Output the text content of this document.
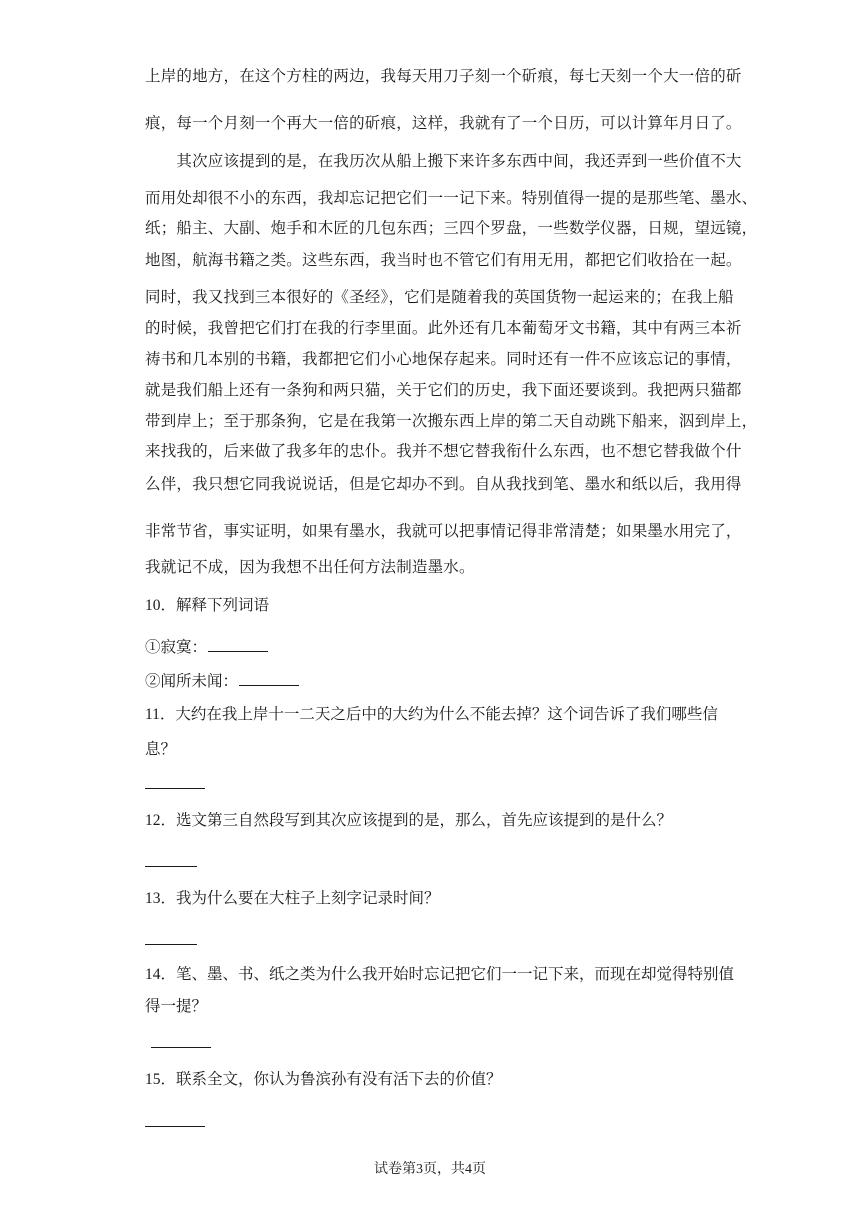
上岸的地方，在这个方柱的两边，我每天用刀子刻一个斫痕，每七天刻一个大一倍的斫
痕，每一个月刻一个再大一倍的斫痕，这样，我就有了一个日历，可以计算年月日了。
　　其次应该提到的是，在我历次从船上搬下来许多东西中间，我还弄到一些价值不大
而用处却很不小的东西，我却忘记把它们一一记下来。特别值得一提的是那些笔、墨水、
纸；船主、大副、炮手和木匠的几包东西；三四个罗盘，一些数学仪器，日规，望远镜，
地图，航海书籍之类。这些东西，我当时也不管它们有用无用，都把它们收拾在一起。
同时，我又找到三本很好的《圣经》，它们是随着我的英国货物一起运来的；在我上船
的时候，我曾把它们打在我的行李里面。此外还有几本葡萄牙文书籍，其中有两三本祈
祷书和几本别的书籍，我都把它们小心地保存起来。同时还有一件不应该忘记的事情，
就是我们船上还有一条狗和两只猫，关于它们的历史，我下面还要谈到。我把两只猫都
带到岸上；至于那条狗，它是在我第一次搬东西上岸的第二天自动跳下船来，泅到岸上，
来找我的，后来做了我多年的忠仆。我并不想它替我衔什么东西，也不想它替我做个什
么伴，我只想它同我说说话，但是它却办不到。自从我找到笔、墨水和纸以后，我用得
非常节省，事实证明，如果有墨水，我就可以把事情记得非常清楚；如果墨水用完了，
我就记不成，因为我想不出任何方法制造墨水。
10．解释下列词语
①寂寞：
②闻所未闻：
11．大约在我上岸十一二天之后中的大约为什么不能去掉？这个词告诉了我们哪些信
息？
12．选文第三自然段写到其次应该提到的是，那么，首先应该提到的是什么？
13．我为什么要在大柱子上刻字记录时间？
14．笔、墨、书、纸之类为什么我开始时忘记把它们一一记下来，而现在却觉得特别值
得一提？
15．联系全文，你认为鲁滨孙有没有活下去的价值？
试卷第3页，共4页
